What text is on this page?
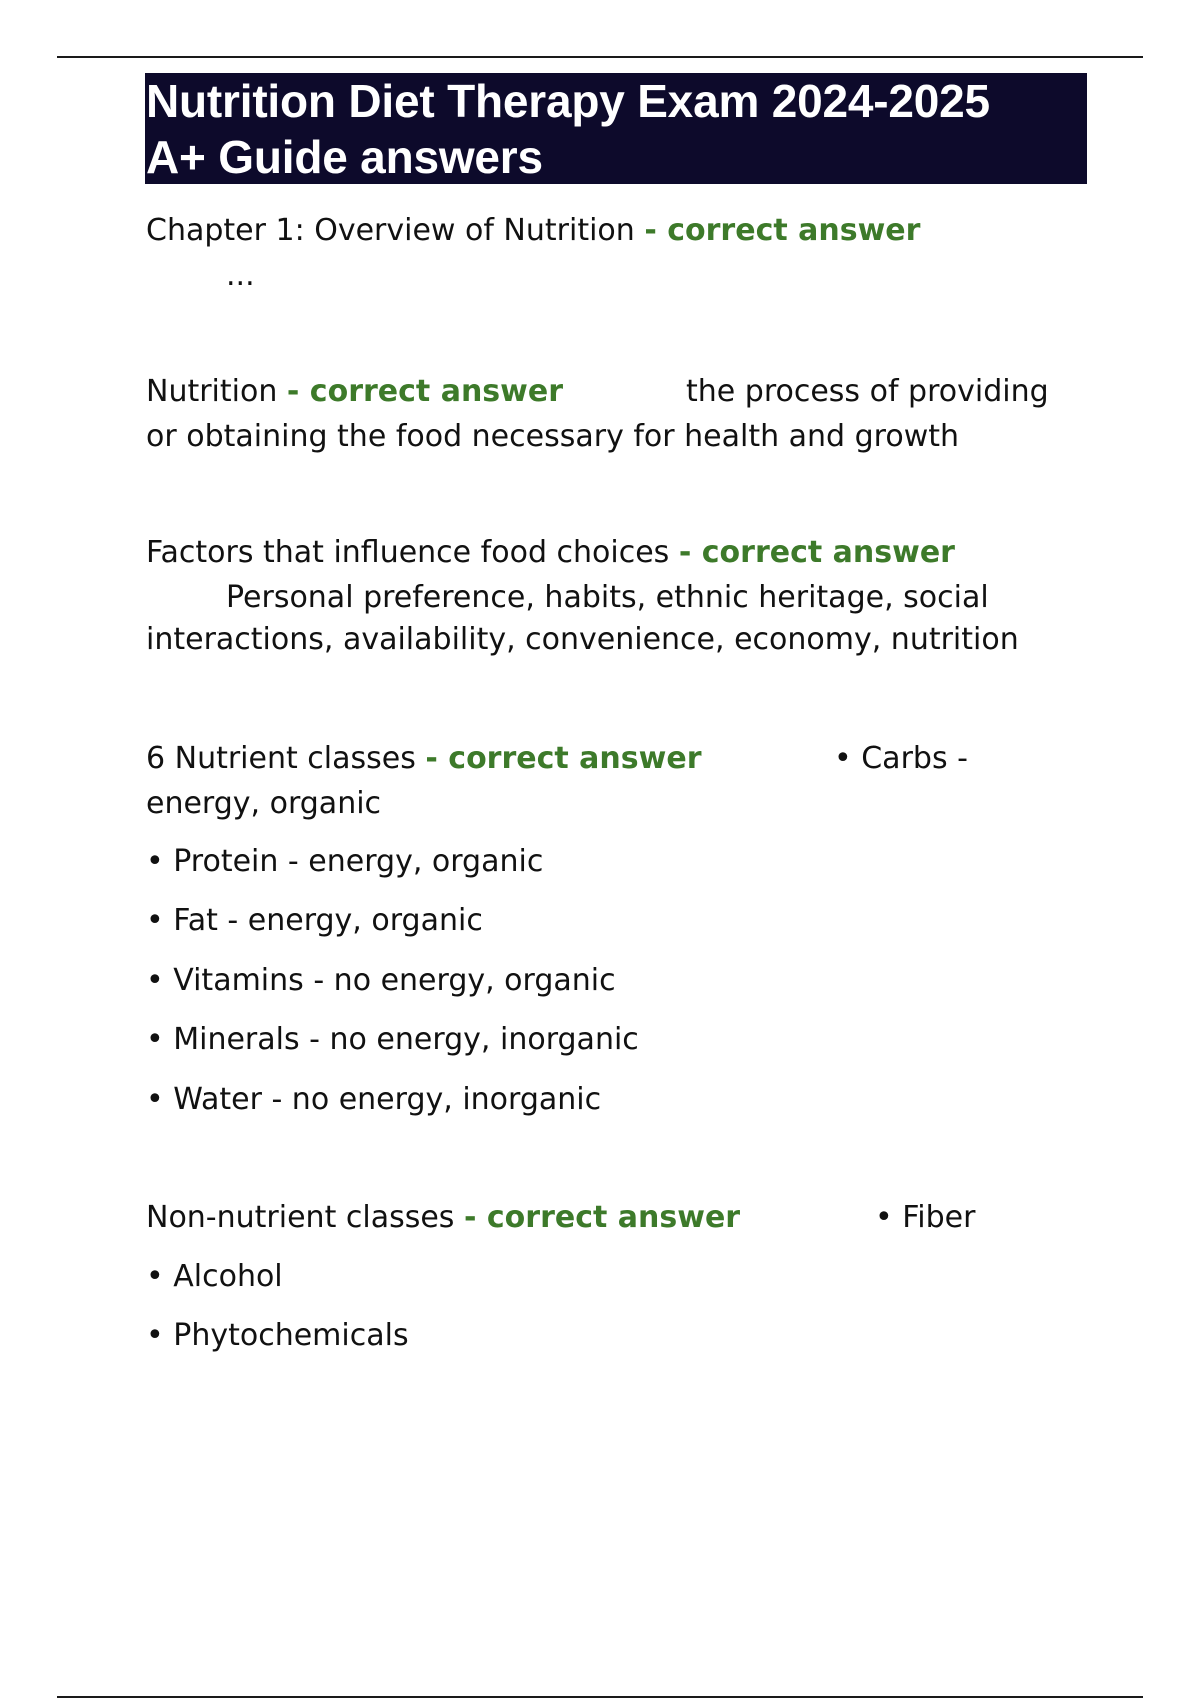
Nutrition Diet Therapy Exam 2024-2025
A+ Guide answers
Chapter 1: Overview of Nutrition - correct answer
...
Nutrition - correct answer	the process of providing
or obtaining the food necessary for health and growth
Factors that influence food choices - correct answer
Personal preference, habits, ethnic heritage, social
interactions, availability, convenience, economy, nutrition
6 Nutrient classes - correct answer	• Carbs -
energy, organic
• Protein - energy, organic
• Fat - energy, organic
• Vitamins - no energy, organic
• Minerals - no energy, inorganic
• Water - no energy, inorganic
Non-nutrient classes - correct answer	• Fiber
• Alcohol
• Phytochemicals
